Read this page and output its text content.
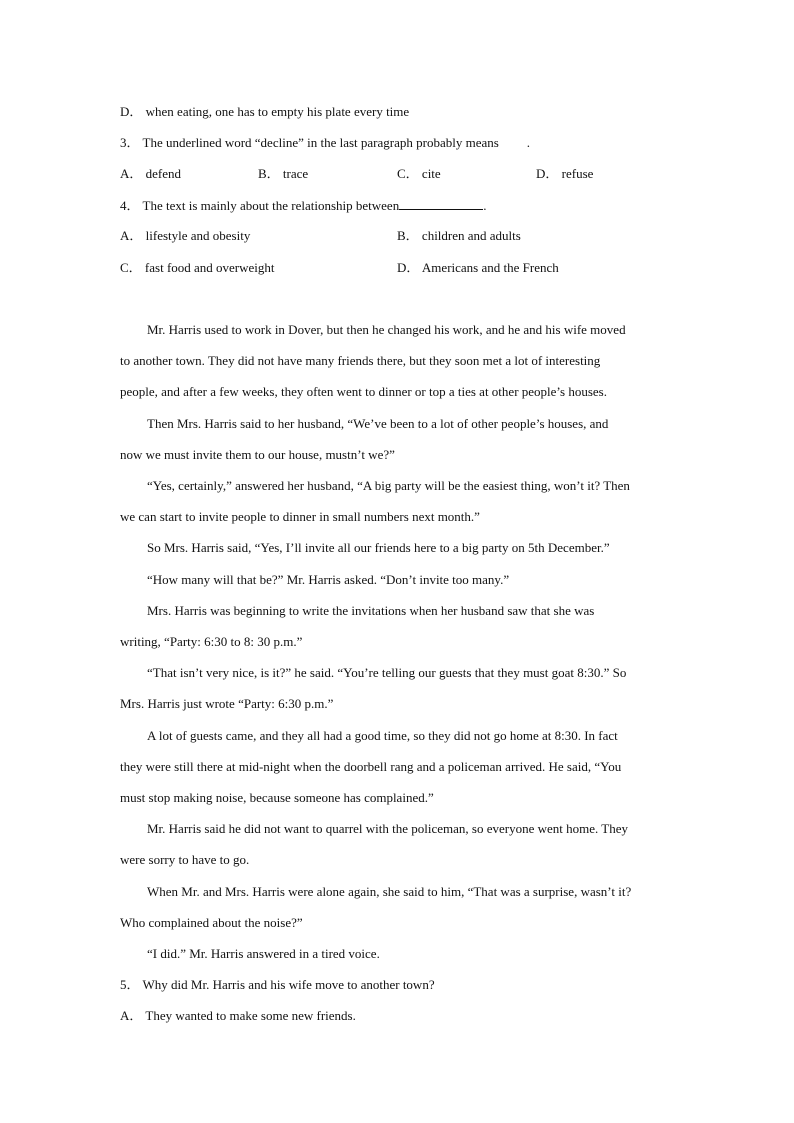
D． when eating, one has to empty his plate every time
3． The underlined word “decline” in the last paragraph probably means .
A． defend	B． trace	C． cite	D． refuse
4． The text is mainly about the relationship between	.
A． lifestyle and obesity	B． children and adults
C． fast food and overweight	D． Americans and the French
Mr. Harris used to work in Dover, but then he changed his work, and he and his wife moved
to another town. They did not have many friends there, but they soon met a lot of interesting
people, and after a few weeks, they often went to dinner or top a ties at other people’s houses.
Then Mrs. Harris said to her husband, “We’ve been to a lot of other people’s houses, and
now we must invite them to our house, mustn’t we?”
“Yes, certainly,” answered her husband, “A big party will be the easiest thing, won’t it? Then
we can start to invite people to dinner in small numbers next month.”
So Mrs. Harris said, “Yes, I’ll invite all our friends here to a big party on 5th December.”
“How many will that be?” Mr. Harris asked. “Don’t invite too many.”
Mrs. Harris was beginning to write the invitations when her husband saw that she was
writing, “Party: 6:30 to 8: 30 p.m.”
“That isn’t very nice, is it?” he said. “You’re telling our guests that they must goat 8:30.” So
Mrs. Harris just wrote “Party: 6:30 p.m.”
A lot of guests came, and they all had a good time, so they did not go home at 8:30. In fact
they were still there at mid-night when the doorbell rang and a policeman arrived. He said, “You
must stop making noise, because someone has complained.”
Mr. Harris said he did not want to quarrel with the policeman, so everyone went home. They
were sorry to have to go.
When Mr. and Mrs. Harris were alone again, she said to him, “That was a surprise, wasn’t it?
Who complained about the noise?”
“I did.” Mr. Harris answered in a tired voice.
5． Why did Mr. Harris and his wife move to another town?
A． They wanted to make some new friends.
